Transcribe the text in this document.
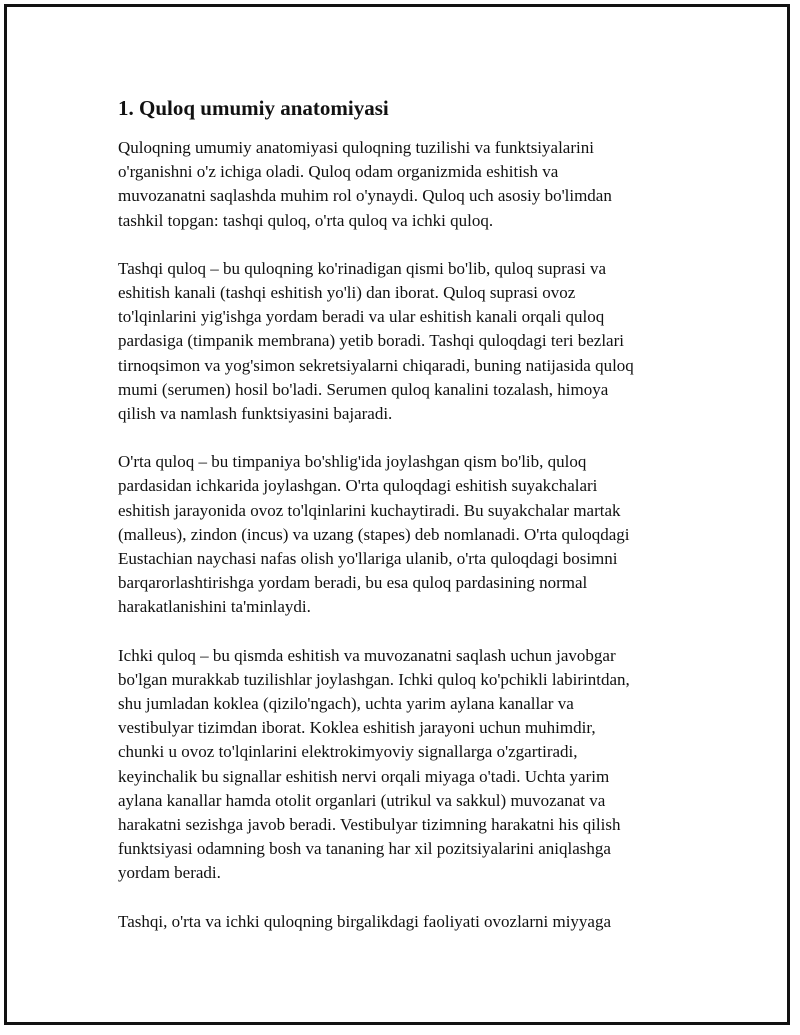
1. Quloq umumiy anatomiyasi

Quloqning umumiy anatomiyasi quloqning tuzilishi va funktsiyalarini
o'rganishni o'z ichiga oladi. Quloq odam organizmida eshitish va
muvozanatni saqlashda muhim rol o'ynaydi. Quloq uch asosiy bo'limdan
tashkil topgan: tashqi quloq, o'rta quloq va ichki quloq.

Tashqi quloq – bu quloqning ko'rinadigan qismi bo'lib, quloq suprasi va
eshitish kanali (tashqi eshitish yo'li) dan iborat. Quloq suprasi ovoz
to'lqinlarini yig'ishga yordam beradi va ular eshitish kanali orqali quloq
pardasiga (timpanik membrana) yetib boradi. Tashqi quloqdagi teri bezlari
tirnoqsimon va yog'simon sekretsiyalarni chiqaradi, buning natijasida quloq
mumi (serumen) hosil bo'ladi. Serumen quloq kanalini tozalash, himoya
qilish va namlash funktsiyasini bajaradi.

O'rta quloq – bu timpaniya bo'shlig'ida joylashgan qism bo'lib, quloq
pardasidan ichkarida joylashgan. O'rta quloqdagi eshitish suyakchalari
eshitish jarayonida ovoz to'lqinlarini kuchaytiradi. Bu suyakchalar martak
(malleus), zindon (incus) va uzang (stapes) deb nomlanadi. O'rta quloqdagi
Eustachian naychasi nafas olish yo'llariga ulanib, o'rta quloqdagi bosimni
barqarorlashtirishga yordam beradi, bu esa quloq pardasining normal
harakatlanishini ta'minlaydi.

Ichki quloq – bu qismda eshitish va muvozanatni saqlash uchun javobgar
bo'lgan murakkab tuzilishlar joylashgan. Ichki quloq ko'pchikli labirintdan,
shu jumladan koklea (qizilo'ngach), uchta yarim aylana kanallar va
vestibulyar tizimdan iborat. Koklea eshitish jarayoni uchun muhimdir,
chunki u ovoz to'lqinlarini elektrokimyoviy signallarga o'zgartiradi,
keyinchalik bu signallar eshitish nervi orqali miyaga o'tadi. Uchta yarim
aylana kanallar hamda otolit organlari (utrikul va sakkul) muvozanat va
harakatni sezishga javob beradi. Vestibulyar tizimning harakatni his qilish
funktsiyasi odamning bosh va tananing har xil pozitsiyalarini aniqlashga
yordam beradi.

Tashqi, o'rta va ichki quloqning birgalikdagi faoliyati ovozlarni miyyaga
